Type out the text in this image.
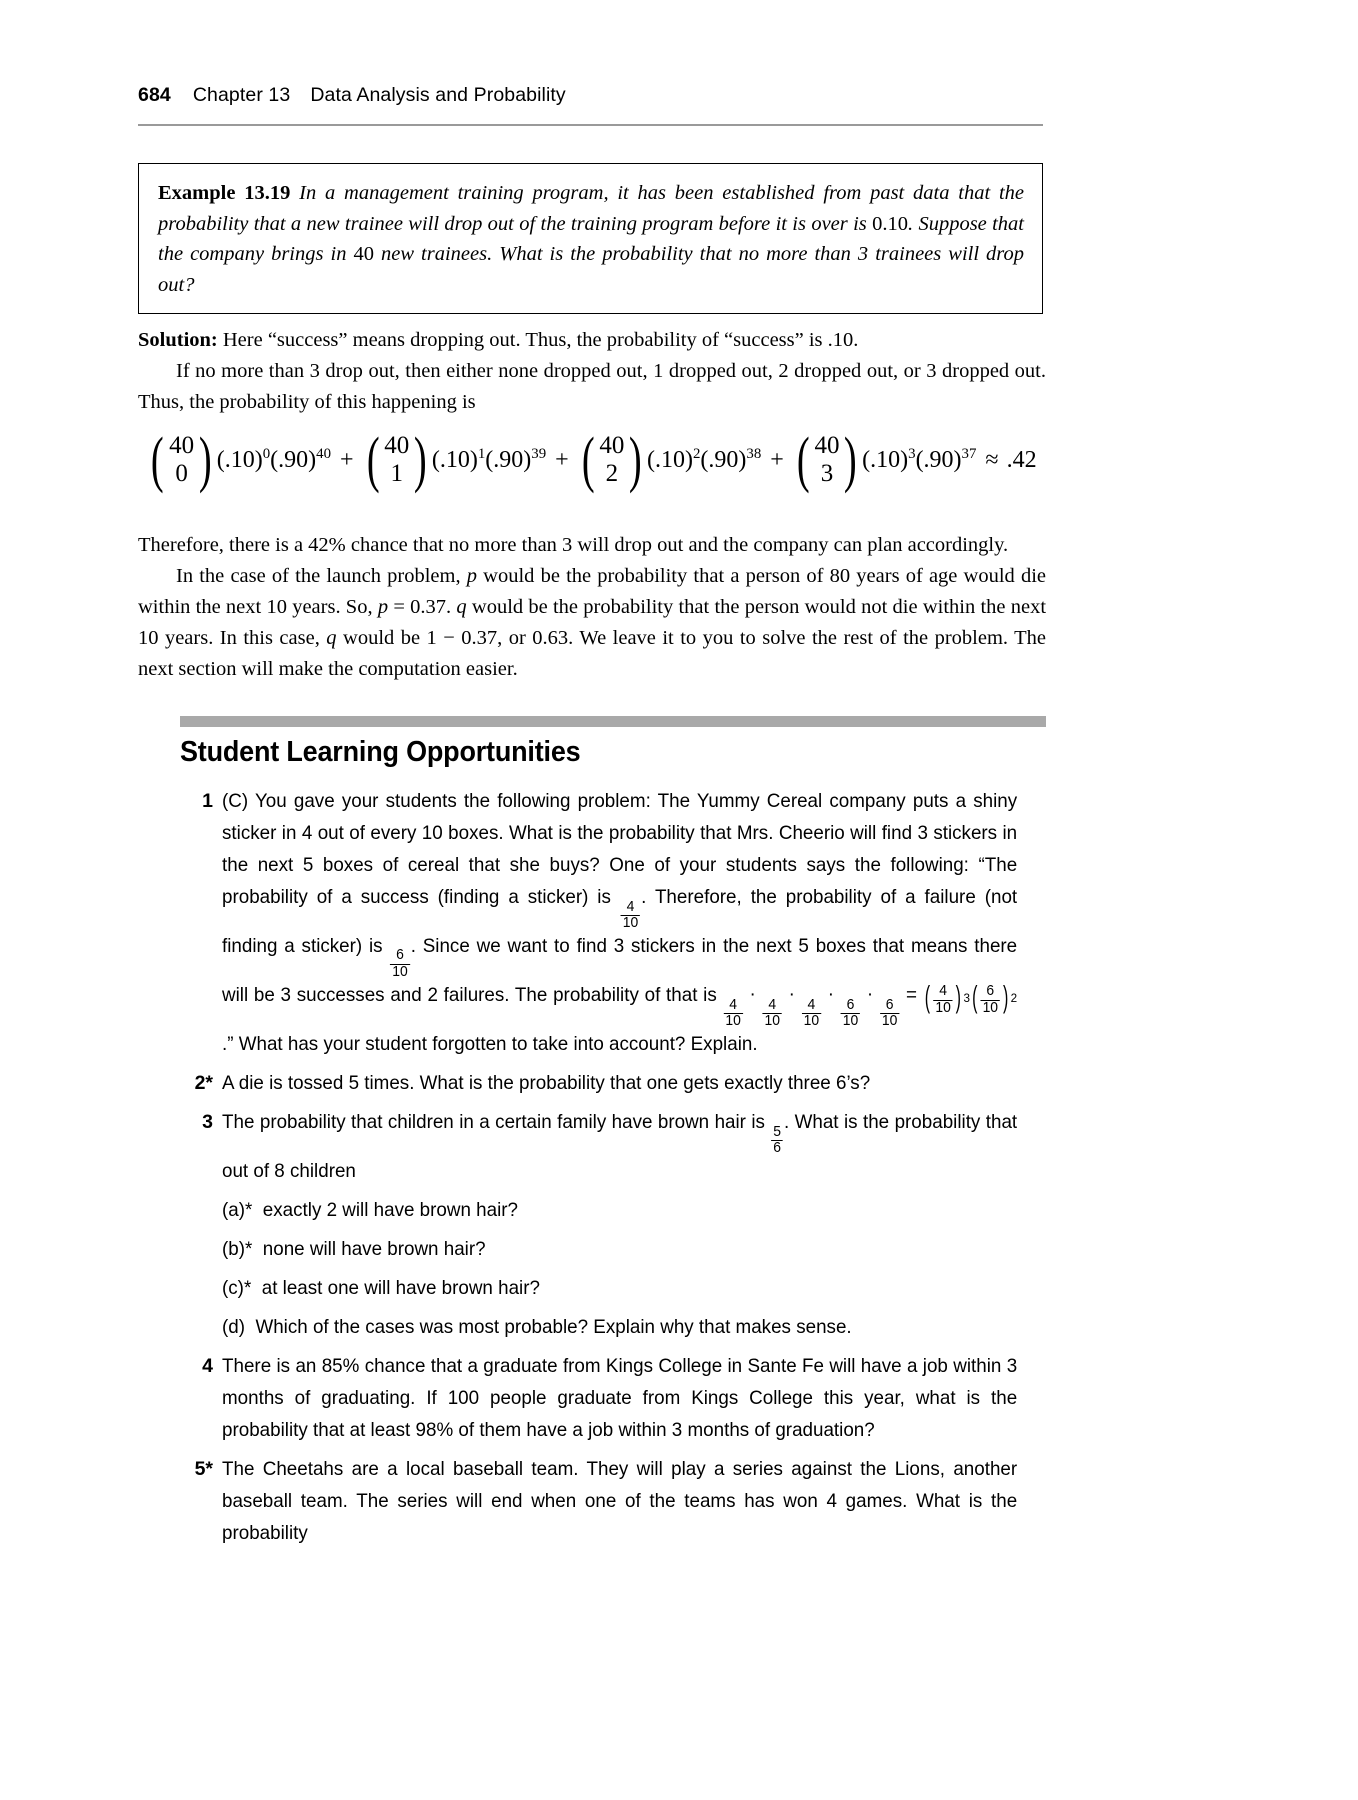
684 Chapter 13 Data Analysis and Probability

Example 13.19 In a management training program, it has been established from past data that the probability that a new trainee will drop out of the training program before it is over is 0.10. Suppose that the company brings in 40 new trainees. What is the probability that no more than 3 trainees will drop out?

Solution: Here “success” means dropping out. Thus, the probability of “success” is .10.

If no more than 3 drop out, then either none dropped out, 1 dropped out, 2 dropped out, or 3 dropped out. Thus, the probability of this happening is

( 40
0 ) $(.10)^0(.90)^{40}$ + ( 40
1 ) $(.10)^1(.90)^{39}$ + ( 40
2 ) $(.10)^2(.90)^{38}$ + ( 40
3 ) $(.10)^3(.90)^{37} \approx .42$

Therefore, there is a 42% chance that no more than 3 will drop out and the company can plan accordingly.

In the case of the launch problem, p would be the probability that a person of 80 years of age would die within the next 10 years. So, p = 0.37. q would be the probability that the person would not die within the next 10 years. In this case, q would be 1 − 0.37, or 0.63. We leave it to you to solve the rest of the problem. The next section will make the computation easier.

Student Learning Opportunities
1 (C) You gave your students the following problem: The Yummy Cereal company puts a shiny sticker in 4 out of every 10 boxes. What is the probability that Mrs. Cheerio will find 3 stickers in the next 5 boxes of cereal that she buys? One of your students says the following: “The probability of a success (finding a sticker) is
$\frac{4}{10}$
. Therefore, the probability of a failure (not finding a sticker) is
$\frac{6}{10}$
. Since we want to find 3 stickers in the next 5 boxes that means there will be 3 successes and 2 failures. The probability of that is
$\frac{4}{10}$
·
$\frac{4}{10}$
·
$\frac{4}{10}$
·
$\frac{6}{10}$
·
$\frac{6}{10}$
= ( $\frac{4}{10}$ ) 3 ( $\frac{6}{10}$ ) 2
.” What has your student forgotten to take into account? Explain.
2* A die is tossed 5 times. What is the probability that one gets exactly three 6’s?
3 The probability that children in a certain family have brown hair is
$\frac{5}{6}$
. What is the probability that out of 8 children
(a)*  exactly 2 will have brown hair?
(b)*  none will have brown hair?
(c)*  at least one will have brown hair?
(d)  Which of the cases was most probable? Explain why that makes sense.
4 There is an 85% chance that a graduate from Kings College in Sante Fe will have a job within 3 months of graduating. If 100 people graduate from Kings College this year, what is the probability that at least 98% of them have a job within 3 months of graduation?
5* The Cheetahs are a local baseball team. They will play a series against the Lions, another baseball team. The series will end when one of the teams has won 4 games. What is the probability
